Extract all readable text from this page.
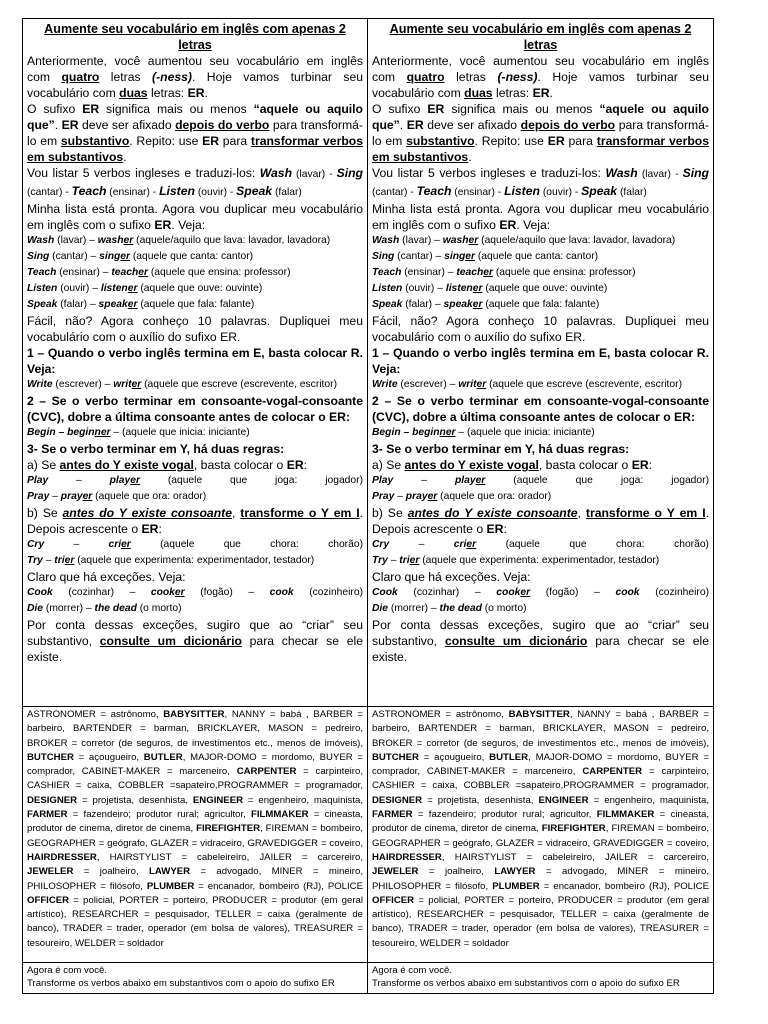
Aumente seu vocabulário em inglês com apenas 2 letras
Anteriormente, você aumentou seu vocabulário em inglês com quatro letras (-ness). Hoje vamos turbinar seu vocabulário com duas letras: ER.
O sufixo ER significa mais ou menos “aquele ou aquilo que”. ER deve ser afixado depois do verbo para transformá-lo em substantivo. Repito: use ER para transformar verbos em substantivos.
Vou listar 5 verbos ingleses e traduzi-los: Wash (lavar) - Sing (cantar) - Teach (ensinar) - Listen (ouvir) - Speak (falar)
Minha lista está pronta. Agora vou duplicar meu vocabulário em inglês com o sufixo ER. Veja:
Wash (lavar) – washer (aquele/aquilo que lava: lavador, lavadora)
Sing (cantar) – singer (aquele que canta: cantor)
Teach (ensinar) – teacher (aquele que ensina: professor)
Listen (ouvir) – listener (aquele que ouve: ouvinte)
Speak (falar) – speaker (aquele que fala: falante)
Fácil, não? Agora conheço 10 palavras. Dupliquei meu vocabulário com o auxílio do sufixo ER.
1 – Quando o verbo inglês termina em E, basta colocar R. Veja:
Write (escrever) – writer (aquele que escreve (escrevente, escritor)
2 – Se o verbo terminar em consoante-vogal-consoante (CVC), dobre a última consoante antes de colocar o ER:
Begin – beginner – (aquele que inicia: iniciante)
3- Se o verbo terminar em Y, há duas regras:
a) Se antes do Y existe vogal, basta colocar o ER:
Play – player (aquele que joga: jogador)
Pray – prayer (aquele que ora: orador)
b) Se antes do Y existe consoante, transforme o Y em I. Depois acrescente o ER:
Cry – crier (aquele que chora: chorão)
Try – trier (aquele que experimenta: experimentador, testador)
Claro que há exceções. Veja:
Cook (cozinhar) – cooker (fogão) – cook (cozinheiro)
Die (morrer) – the dead (o morto)
Por conta dessas exceções, sugiro que ao “criar” seu substantivo, consulte um dicionário para checar se ele existe.
ASTRONOMER = astrônomo, BABYSITTER, NANNY = babá , BARBER = barbeiro, BARTENDER = barman, BRICKLAYER, MASON = pedreiro, BROKER = corretor (de seguros, de investimentos etc., menos de imóveis), BUTCHER = açougueiro, BUTLER, MAJOR-DOMO = mordomo, BUYER = comprador, CABINET-MAKER = marceneiro, CARPENTER = carpinteiro, CASHIER = caixa, COBBLER =sapateiro,PROGRAMMER = programador, DESIGNER = projetista, desenhista, ENGINEER = engenheiro, maquinista, FARMER = fazendeiro; produtor rural; agricultor, FILMMAKER = cineasta, produtor de cinema, diretor de cinema, FIREFIGHTER, FIREMAN = bombeiro, GEOGRAPHER = geógrafo, GLAZER = vidraceiro, GRAVEDIGGER = coveiro, HAIRDRESSER, HAIRSTYLIST = cabeleireiro, JAILER = carcereiro, JEWELER = joalheiro, LAWYER = advogado, MINER = mineiro, PHILOSOPHER = filósofo, PLUMBER = encanador, bombeiro (RJ), POLICE OFFICER = policial, PORTER = porteiro, PRODUCER = produtor (em geral artístico), RESEARCHER = pesquisador, TELLER = caixa (geralmente de banco), TRADER = trader, operador (em bolsa de valores), TREASURER = tesoureiro, WELDER = soldador
Agora é com você.
Transforme os verbos abaixo em substantivos com o apoio do sufixo ER
Aumente seu vocabulário em inglês com apenas 2 letras
Anteriormente, você aumentou seu vocabulário em inglês com quatro letras (-ness). Hoje vamos turbinar seu vocabulário com duas letras: ER.
O sufixo ER significa mais ou menos “aquele ou aquilo que”. ER deve ser afixado depois do verbo para transformá-lo em substantivo. Repito: use ER para transformar verbos em substantivos.
Vou listar 5 verbos ingleses e traduzi-los: Wash (lavar) - Sing (cantar) - Teach (ensinar) - Listen (ouvir) - Speak (falar)
Minha lista está pronta. Agora vou duplicar meu vocabulário em inglês com o sufixo ER. Veja:
Wash (lavar) – washer (aquele/aquilo que lava: lavador, lavadora)
Sing (cantar) – singer (aquele que canta: cantor)
Teach (ensinar) – teacher (aquele que ensina: professor)
Listen (ouvir) – listener (aquele que ouve: ouvinte)
Speak (falar) – speaker (aquele que fala: falante)
Fácil, não? Agora conheço 10 palavras. Dupliquei meu vocabulário com o auxílio do sufixo ER.
1 – Quando o verbo inglês termina em E, basta colocar R. Veja:
Write (escrever) – writer (aquele que escreve (escrevente, escritor)
2 – Se o verbo terminar em consoante-vogal-consoante (CVC), dobre a última consoante antes de colocar o ER:
Begin – beginner – (aquele que inicia: iniciante)
3- Se o verbo terminar em Y, há duas regras:
a) Se antes do Y existe vogal, basta colocar o ER:
Play – player (aquele que joga: jogador)
Pray – prayer (aquele que ora: orador)
b) Se antes do Y existe consoante, transforme o Y em I. Depois acrescente o ER:
Cry – crier (aquele que chora: chorão)
Try – trier (aquele que experimenta: experimentador, testador)
Claro que há exceções. Veja:
Cook (cozinhar) – cooker (fogão) – cook (cozinheiro)
Die (morrer) – the dead (o morto)
Por conta dessas exceções, sugiro que ao “criar” seu substantivo, consulte um dicionário para checar se ele existe.
ASTRONOMER = astrônomo, BABYSITTER, NANNY = babá , BARBER = barbeiro, BARTENDER = barman, BRICKLAYER, MASON = pedreiro, BROKER = corretor (de seguros, de investimentos etc., menos de imóveis), BUTCHER = açougueiro, BUTLER, MAJOR-DOMO = mordomo, BUYER = comprador, CABINET-MAKER = marceneiro, CARPENTER = carpinteiro, CASHIER = caixa, COBBLER =sapateiro,PROGRAMMER = programador, DESIGNER = projetista, desenhista, ENGINEER = engenheiro, maquinista, FARMER = fazendeiro; produtor rural; agricultor, FILMMAKER = cineasta, produtor de cinema, diretor de cinema, FIREFIGHTER, FIREMAN = bombeiro, GEOGRAPHER = geógrafo, GLAZER = vidraceiro, GRAVEDIGGER = coveiro, HAIRDRESSER, HAIRSTYLIST = cabeleireiro, JAILER = carcereiro, JEWELER = joalheiro, LAWYER = advogado, MINER = mineiro, PHILOSOPHER = filósofo, PLUMBER = encanador, bombeiro (RJ), POLICE OFFICER = policial, PORTER = porteiro, PRODUCER = produtor (em geral artístico), RESEARCHER = pesquisador, TELLER = caixa (geralmente de banco), TRADER = trader, operador (em bolsa de valores), TREASURER = tesoureiro, WELDER = soldador
Agora é com você.
Transforme os verbos abaixo em substantivos com o apoio do sufixo ER
